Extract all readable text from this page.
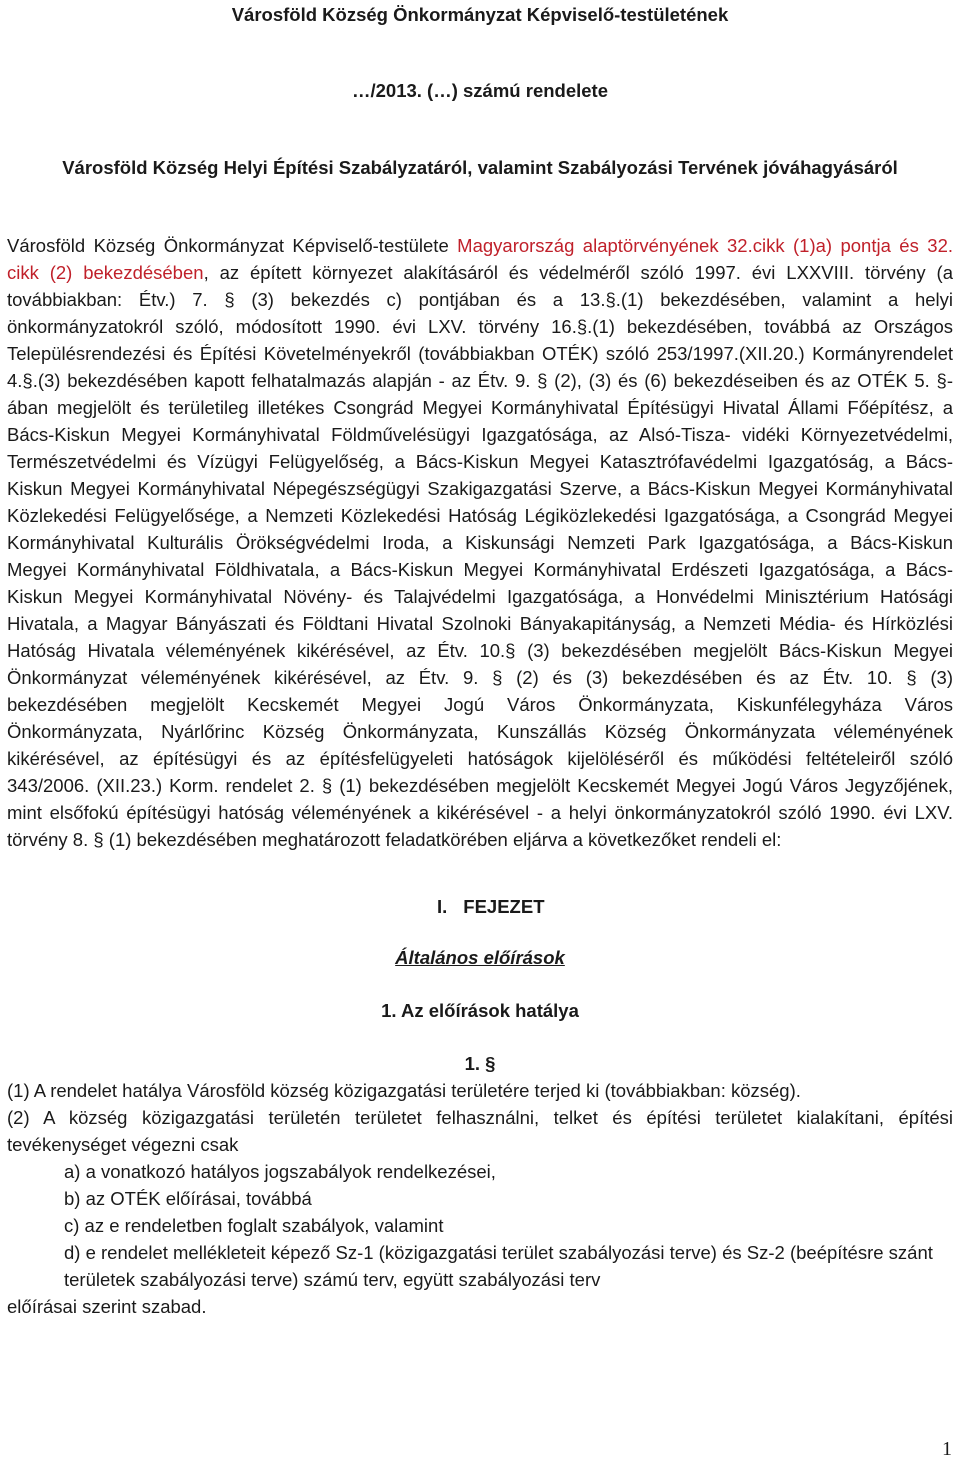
Városföld Község Önkormányzat Képviselő-testületének
…/2013. (…) számú rendelete
Városföld Község Helyi Építési Szabályzatáról, valamint Szabályozási Tervének jóváhagyásáról
Városföld Község Önkormányzat Képviselő-testülete Magyarország alaptörvényének 32.cikk (1)a) pontja és 32.
cikk (2) bekezdésében, az épített környezet alakításáról és védelméről szóló 1997. évi LXXVIII. törvény (a
továbbiakban: Étv.) 7. § (3) bekezdés c) pontjában és a 13.§.(1) bekezdésében, valamint a helyi
önkormányzatokról szóló, módosított 1990. évi LXV. törvény 16.§.(1) bekezdésében, továbbá az Országos
Településrendezési és Építési Követelményekről (továbbiakban OTÉK) szóló 253/1997.(XII.20.) Kormányrendelet
4.§.(3) bekezdésében kapott felhatalmazás alapján - az Étv. 9. § (2), (3) és (6) bekezdéseiben és az OTÉK 5. §-
ában megjelölt és területileg illetékes Csongrád Megyei Kormányhivatal Építésügyi Hivatal Állami Főépítész, a
Bács-Kiskun Megyei Kormányhivatal Földművelésügyi Igazgatósága, az Alsó-Tisza- vidéki Környezetvédelmi,
Természetvédelmi és Vízügyi Felügyelőség, a Bács-Kiskun Megyei Katasztrófavédelmi Igazgatóság, a Bács-
Kiskun Megyei Kormányhivatal Népegészségügyi Szakigazgatási Szerve, a Bács-Kiskun Megyei Kormányhivatal
Közlekedési Felügyelősége, a Nemzeti Közlekedési Hatóság Légiközlekedési Igazgatósága, a Csongrád Megyei
Kormányhivatal Kulturális Örökségvédelmi Iroda, a Kiskunsági Nemzeti Park Igazgatósága, a Bács-Kiskun
Megyei Kormányhivatal Földhivatala, a Bács-Kiskun Megyei Kormányhivatal Erdészeti Igazgatósága, a Bács-
Kiskun Megyei Kormányhivatal Növény- és Talajvédelmi Igazgatósága, a Honvédelmi Minisztérium Hatósági
Hivatala, a Magyar Bányászati és Földtani Hivatal Szolnoki Bányakapitányság, a Nemzeti Média- és Hírközlési
Hatóság Hivatala véleményének kikérésével, az Étv. 10.§ (3) bekezdésében megjelölt Bács-Kiskun Megyei
Önkormányzat véleményének kikérésével, az Étv. 9. § (2) és (3) bekezdésében és az Étv. 10. § (3)
bekezdésében megjelölt Kecskemét Megyei Jogú Város Önkormányzata, Kiskunfélegyháza Város
Önkormányzata, Nyárlőrinc Község Önkormányzata, Kunszállás Község Önkormányzata véleményének
kikérésével, az építésügyi és az építésfelügyeleti hatóságok kijelöléséről és működési feltételeiről szóló
343/2006. (XII.23.) Korm. rendelet 2. § (1) bekezdésében megjelölt Kecskemét Megyei Jogú Város Jegyzőjének,
mint elsőfokú építésügyi hatóság véleményének a kikérésével - a helyi önkormányzatokról szóló 1990. évi LXV.
törvény 8. § (1) bekezdésében meghatározott feladatkörében eljárva a következőket rendeli el:
I. FEJEZET
Általános előírások
1. Az előírások hatálya
1. §
(1) A rendelet hatálya Városföld község közigazgatási területére terjed ki (továbbiakban: község).
(2) A község közigazgatási területén területet felhasználni, telket és építési területet kialakítani, építési
tevékenységet végezni csak
a) a vonatkozó hatályos jogszabályok rendelkezései,
b) az OTÉK előírásai, továbbá
c) az e rendeletben foglalt szabályok, valamint
d) e rendelet mellékleteit képező Sz-1 (közigazgatási terület szabályozási terve) és Sz-2 (beépítésre szánt
területek szabályozási terve) számú terv, együtt szabályozási terv
előírásai szerint szabad.
1
